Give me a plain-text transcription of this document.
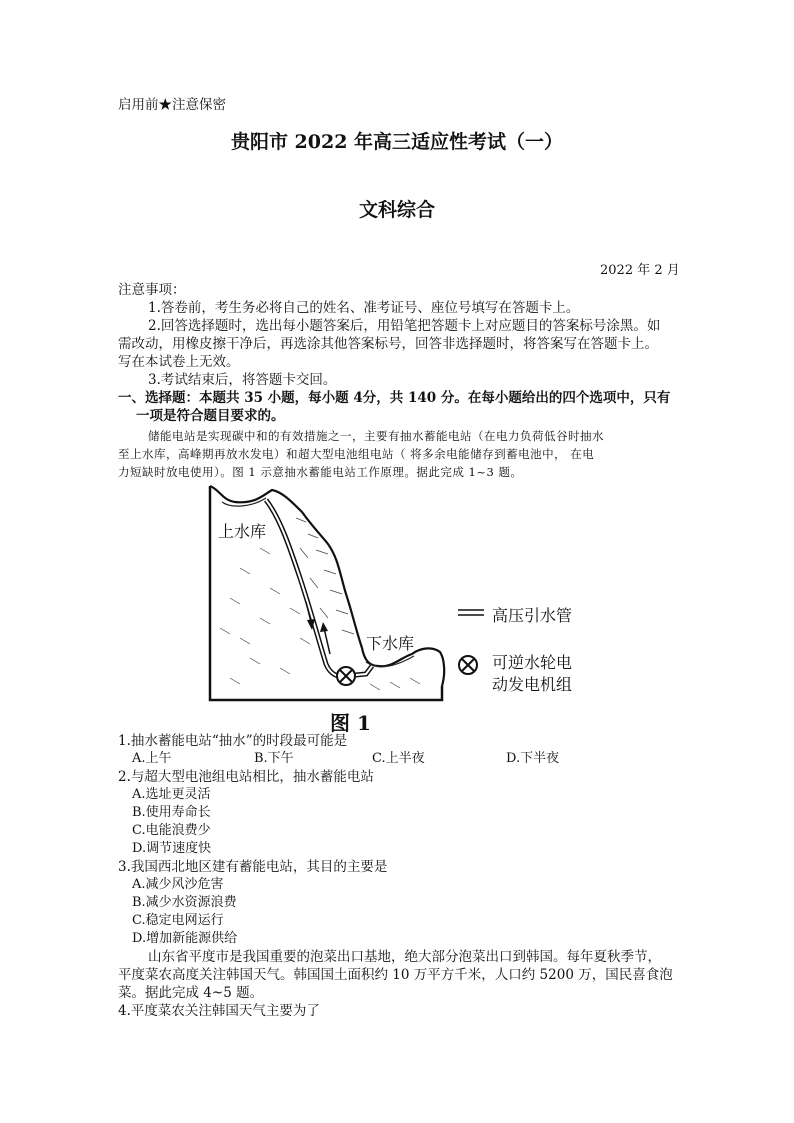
启用前★注意保密
贵阳市 2022 年高三适应性考试（一）
文科综合
2022 年 2 月
注意事项：
1.答卷前，考生务必将自己的姓名、准考证号、座位号填写在答题卡上。
2.回答选择题时，选出每小题答案后，用铅笔把答题卡上对应题目的答案标号涂黑。如
需改动，用橡皮擦干净后，再选涂其他答案标号，回答非选择题时，将答案写在答题卡上。
写在本试卷上无效。
3.考试结束后，将答题卡交回。
一、选择题：本题共 35 小题，每小题 4分，共 140 分。在每小题给出的四个选项中，只有
一项是符合题目要求的。
储能电站是实现碳中和的有效措施之一，主要有抽水蓄能电站（在电力负荷低谷时抽水
至上水库，高峰期再放水发电）和超大型电池组电站（ 将多余电能储存到蓄电池中， 在电
力短缺时放电使用）。图 1 示意抽水蓄能电站工作原理。据此完成 1~3 题。
上水库
下水库
高压引水管
可逆水轮电
动发电机组
图 1
1.抽水蓄能电站“抽水”的时段最可能是
A.上午	B.下午	C.上半夜	D.下半夜
2.与超大型电池组电站相比，抽水蓄能电站
A.选址更灵活
B.使用寿命长
C.电能浪费少
D.调节速度快
3.我国西北地区建有蓄能电站，其目的主要是
A.减少风沙危害
B.减少水资源浪费
C.稳定电网运行
D.增加新能源供给
山东省平度市是我国重要的泡菜出口基地，绝大部分泡菜出口到韩国。每年夏秋季节，
平度菜农高度关注韩国天气。韩国国土面积约 10 万平方千米，人口约 5200 万，国民喜食泡
菜。据此完成 4~5 题。
4.平度菜农关注韩国天气主要为了
